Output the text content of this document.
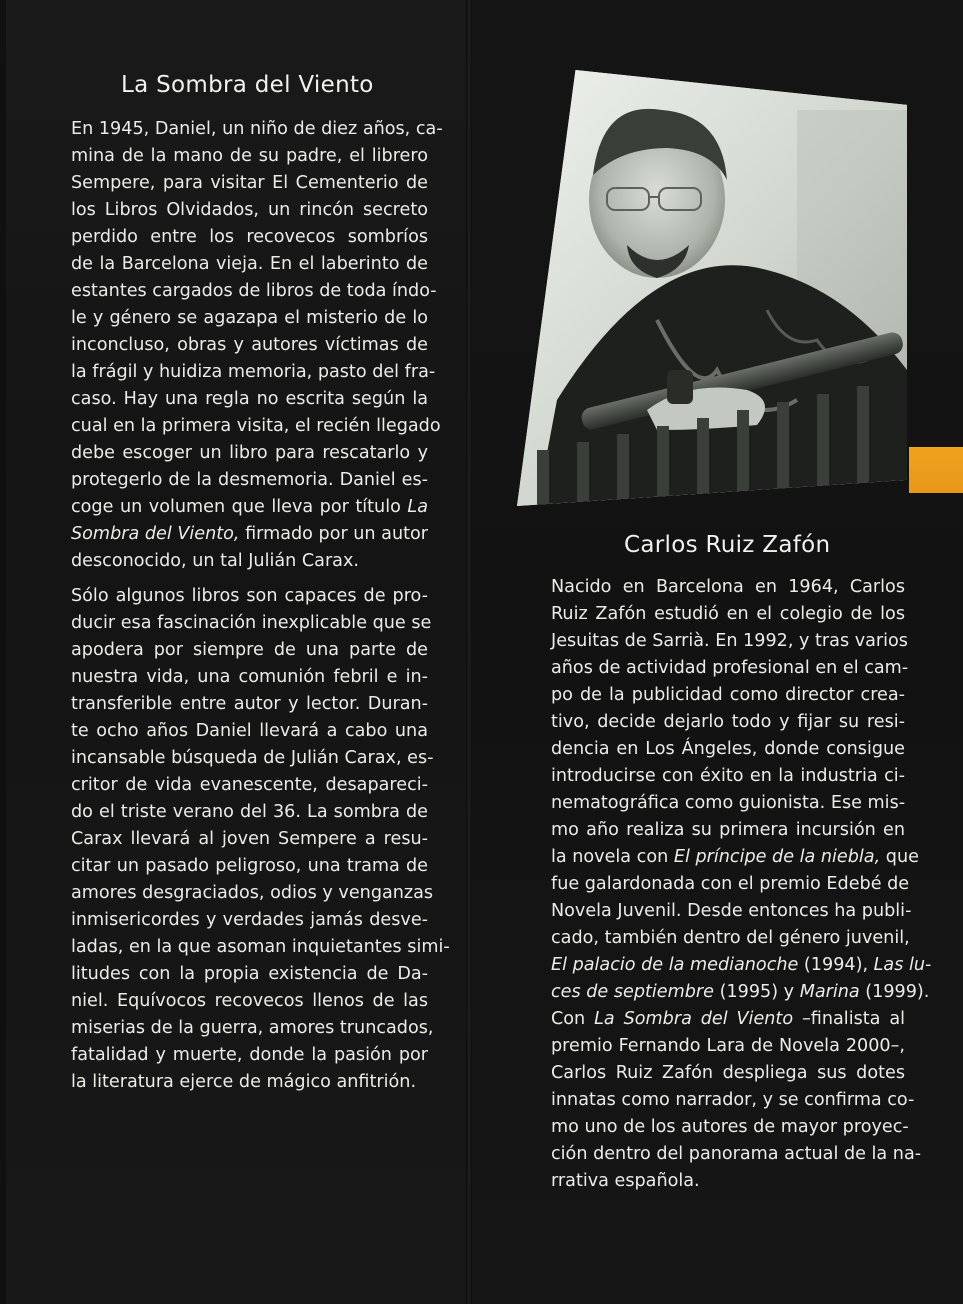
La Sombra del Viento
En 1945, Daniel, un niño de diez años, ca-
mina de la mano de su padre, el librero
Sempere, para visitar El Cementerio de
los Libros Olvidados, un rincón secreto
perdido entre los recovecos sombríos
de la Barcelona vieja. En el laberinto de
estantes cargados de libros de toda índo-
le y género se agazapa el misterio de lo
inconcluso, obras y autores víctimas de
la frágil y huidiza memoria, pasto del fra-
caso. Hay una regla no escrita según la
cual en la primera visita, el recién llegado
debe escoger un libro para rescatarlo y
protegerlo de la desmemoria. Daniel es-
coge un volumen que lleva por título La
Sombra del Viento, firmado por un autor
desconocido, un tal Julián Carax.
Sólo algunos libros son capaces de pro-
ducir esa fascinación inexplicable que se
apodera por siempre de una parte de
nuestra vida, una comunión febril e in-
transferible entre autor y lector. Duran-
te ocho años Daniel llevará a cabo una
incansable búsqueda de Julián Carax, es-
critor de vida evanescente, desapareci-
do el triste verano del 36. La sombra de
Carax llevará al joven Sempere a resu-
citar un pasado peligroso, una trama de
amores desgraciados, odios y venganzas
inmisericordes y verdades jamás desve-
ladas, en la que asoman inquietantes simi-
litudes con la propia existencia de Da-
niel. Equívocos recovecos llenos de las
miserias de la guerra, amores truncados,
fatalidad y muerte, donde la pasión por
la literatura ejerce de mágico anfitrión.
Carlos Ruiz Zafón
Nacido en Barcelona en 1964, Carlos
Ruiz Zafón estudió en el colegio de los
Jesuitas de Sarrià. En 1992, y tras varios
años de actividad profesional en el cam-
po de la publicidad como director crea-
tivo, decide dejarlo todo y fijar su resi-
dencia en Los Ángeles, donde consigue
introducirse con éxito en la industria ci-
nematográfica como guionista. Ese mis-
mo año realiza su primera incursión en
la novela con El príncipe de la niebla, que
fue galardonada con el premio Edebé de
Novela Juvenil. Desde entonces ha publi-
cado, también dentro del género juvenil,
El palacio de la medianoche (1994), Las lu-
ces de septiembre (1995) y Marina (1999).
Con La Sombra del Viento –finalista al
premio Fernando Lara de Novela 2000–,
Carlos Ruiz Zafón despliega sus dotes
innatas como narrador, y se confirma co-
mo uno de los autores de mayor proyec-
ción dentro del panorama actual de la na-
rrativa española.
